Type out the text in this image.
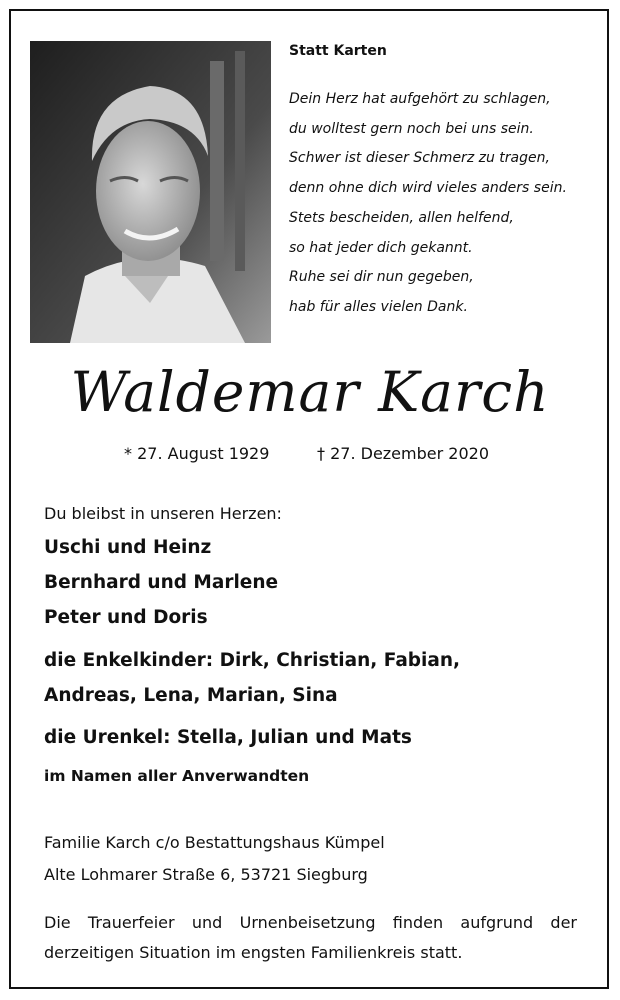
Statt Karten
Dein Herz hat aufgehört zu schlagen,
du wolltest gern noch bei uns sein.
Schwer ist dieser Schmerz zu tragen,
denn ohne dich wird vieles anders sein.
Stets bescheiden, allen helfend,
so hat jeder dich gekannt.
Ruhe sei dir nun gegeben,
hab für alles vielen Dank.
Waldemar Karch
* 27. August 1929	† 27. Dezember 2020
Du bleibst in unseren Herzen:
Uschi und Heinz
Bernhard und Marlene
Peter und Doris
die Enkelkinder: Dirk, Christian, Fabian,
Andreas, Lena, Marian, Sina
die Urenkel: Stella, Julian und Mats
im Namen aller Anverwandten
Familie Karch c/o Bestattungshaus Kümpel
Alte Lohmarer Straße 6, 53721 Siegburg
Die Trauerfeier und Urnenbeisetzung finden aufgrund der derzeitigen Situation im engsten Familienkreis statt.
